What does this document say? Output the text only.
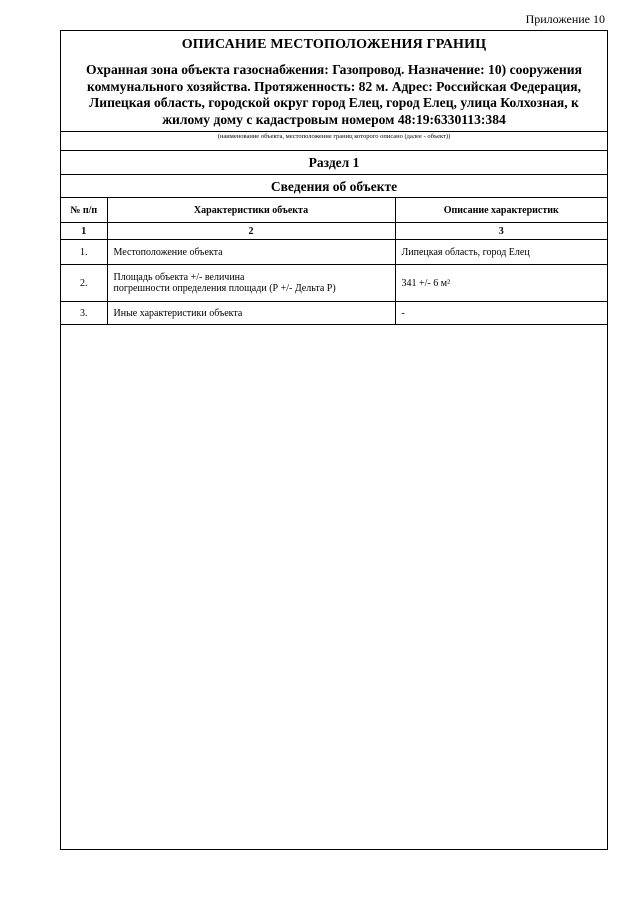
Приложение 10
ОПИСАНИЕ МЕСТОПОЛОЖЕНИЯ ГРАНИЦ
Охранная зона объекта газоснабжения: Газопровод. Назначение: 10) сооружения
коммунального хозяйства. Протяженность: 82 м. Адрес: Российская Федерация,
Липецкая область, городской округ город Елец, город Елец, улица Колхозная, к
жилому дому с кадастровым номером 48:19:6330113:384
(наименование объекта, местоположение границ которого описано (далее - объект))
Раздел 1
Сведения об объекте
№ п/п	Характеристики объекта	Описание характеристик
1	2	3
1.	Местоположение объекта	Липецкая область, город Елец
2.	Площадь объекта +/- величина
погрешности определения площади (Р +/- Дельта Р)	341 +/- 6 м²
3.	Иные характеристики объекта	-
